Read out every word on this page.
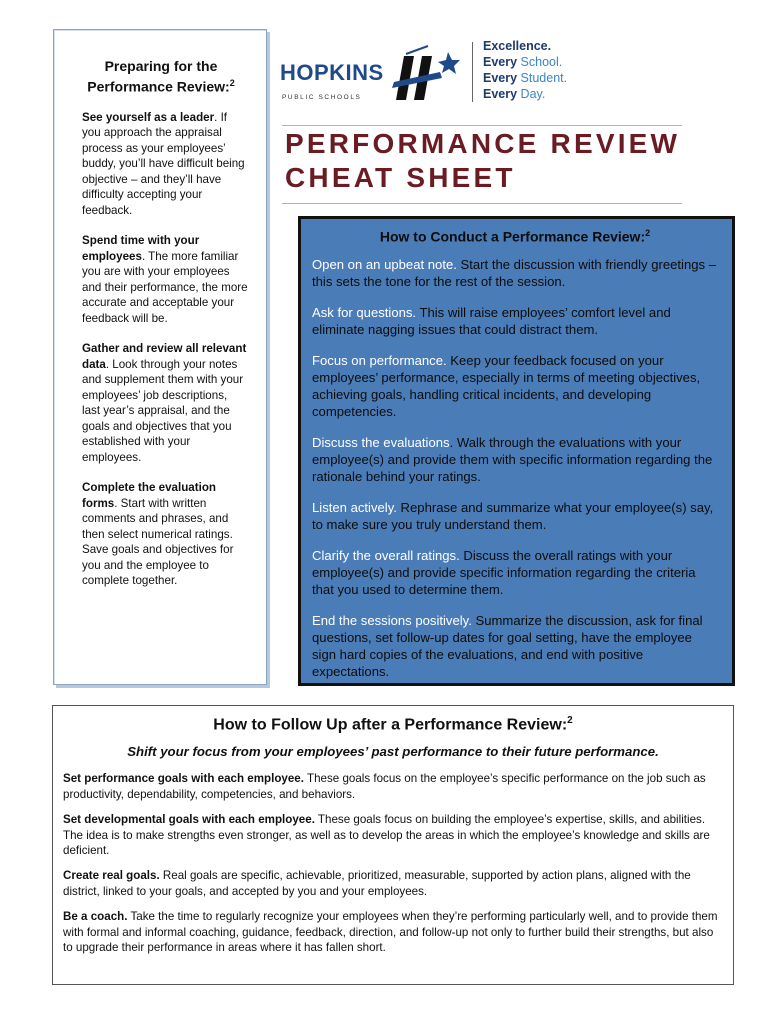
Preparing for the Performance Review:$^2$

See yourself as a leader. If you approach the appraisal process as your employees’ buddy, you’ll have difficult being objective – and they’ll have difficulty accepting your feedback.

Spend time with your employees. The more familiar you are with your employees and their performance, the more accurate and acceptable your feedback will be.

Gather and review all relevant data. Look through your notes and supplement them with your employees’ job descriptions, last year’s appraisal, and the goals and objectives that you established with your employees.

Complete the evaluation forms. Start with written comments and phrases, and then select numerical ratings. Save goals and objectives for you and the employee to complete together.

HOPKINS
PUBLIC SCHOOLS
Excellence.
Every School.
Every Student.
Every Day.
PERFORMANCE REVIEW
CHEAT SHEET
How to Conduct a Performance Review:$^2$

Open on an upbeat note. Start the discussion with friendly greetings – this sets the tone for the rest of the session.

Ask for questions. This will raise employees’ comfort level and eliminate nagging issues that could distract them.

Focus on performance. Keep your feedback focused on your employees’ performance, especially in terms of meeting objectives, achieving goals, handling critical incidents, and developing competencies.

Discuss the evaluations. Walk through the evaluations with your employee(s) and provide them with specific information regarding the rationale behind your ratings.

Listen actively. Rephrase and summarize what your employee(s) say, to make sure you truly understand them.

Clarify the overall ratings. Discuss the overall ratings with your employee(s) and provide specific information regarding the criteria that you used to determine them.

End the sessions positively. Summarize the discussion, ask for final questions, set follow-up dates for goal setting, have the employee sign hard copies of the evaluations, and end with positive expectations.

How to Follow Up after a Performance Review:$^2$
Shift your focus from your employees’ past performance to their future performance.

Set performance goals with each employee. These goals focus on the employee’s specific performance on the job such as productivity, dependability, competencies, and behaviors.

Set developmental goals with each employee. These goals focus on building the employee’s expertise, skills, and abilities. The idea is to make strengths even stronger, as well as to develop the areas in which the employee’s knowledge and skills are deficient.

Create real goals. Real goals are specific, achievable, prioritized, measurable, supported by action plans, aligned with the district, linked to your goals, and accepted by you and your employees.

Be a coach. Take the time to regularly recognize your employees when they’re performing particularly well, and to provide them with formal and informal coaching, guidance, feedback, direction, and follow-up not only to further build their strengths, but also to upgrade their performance in areas where it has fallen short.
